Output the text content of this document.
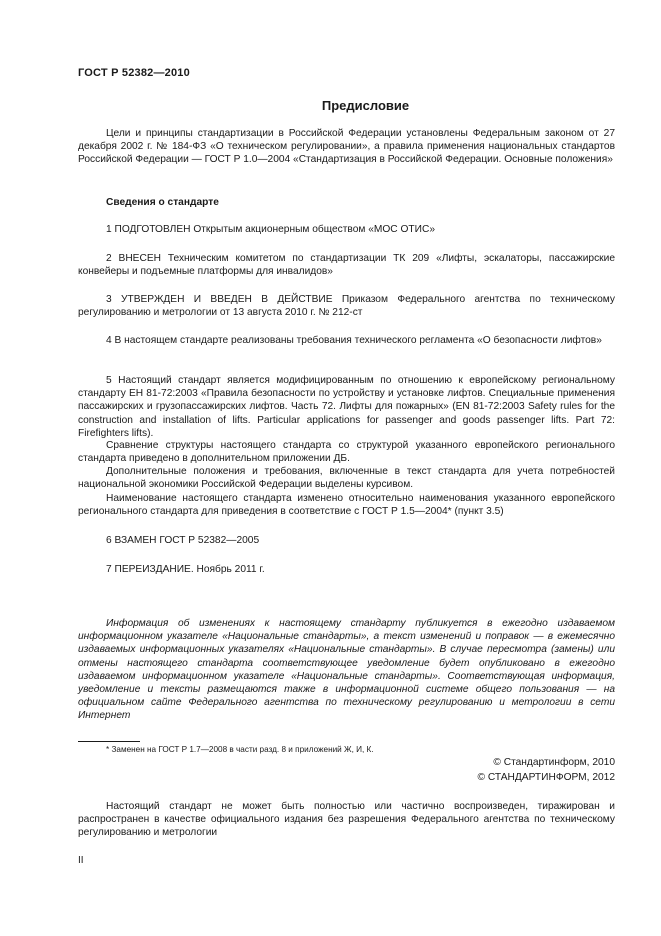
ГОСТ Р 52382—2010
Предисловие

Цели и принципы стандартизации в Российской Федерации установлены Федеральным законом от 27 декабря 2002 г. № 184-ФЗ «О техническом регулировании», а правила применения национальных стандартов Российской Федерации — ГОСТ Р 1.0—2004 «Стандартизация в Российской Федерации. Основные положения»

Сведения о стандарте

1 ПОДГОТОВЛЕН Открытым акционерным обществом «МОС ОТИС»

2 ВНЕСЕН Техническим комитетом по стандартизации ТК 209 «Лифты, эскалаторы, пассажирские конвейеры и подъемные платформы для инвалидов»

3 УТВЕРЖДЕН И ВВЕДЕН В ДЕЙСТВИЕ Приказом Федерального агентства по техническому регулированию и метрологии от 13 августа 2010 г. № 212-ст

4 В настоящем стандарте реализованы требования технического регламента «О безопасности лифтов»

5 Настоящий стандарт является модифицированным по отношению к европейскому региональному стандарту ЕН 81-72:2003 «Правила безопасности по устройству и установке лифтов. Специальные применения пассажирских и грузопассажирских лифтов. Часть 72. Лифты для пожарных» (EN 81-72:2003 Safety rules for the construction and installation of lifts. Particular applications for passenger and goods passenger lifts. Part 72: Firefighters lifts).

Сравнение структуры настоящего стандарта со структурой указанного европейского регионального стандарта приведено в дополнительном приложении ДБ.

Дополнительные положения и требования, включенные в текст стандарта для учета потребностей национальной экономики Российской Федерации выделены курсивом.

Наименование настоящего стандарта изменено относительно наименования указанного европейского регионального стандарта для приведения в соответствие с ГОСТ Р 1.5—2004* (пункт 3.5)

6 ВЗАМЕН ГОСТ Р 52382—2005

7 ПЕРЕИЗДАНИЕ. Ноябрь 2011 г.

Информация об изменениях к настоящему стандарту публикуется в ежегодно издаваемом информационном указателе «Национальные стандарты», а текст изменений и поправок — в ежемесячно издаваемых информационных указателях «Национальные стандарты». В случае пересмотра (замены) или отмены настоящего стандарта соответствующее уведомление будет опубликовано в ежегодно издаваемом информационном указателе «Национальные стандарты». Соответствующая информация, уведомление и тексты размещаются также в информационной системе общего пользования — на официальном сайте Федерального агентства по техническому регулированию и метрологии в сети Интернет

* Заменен на ГОСТ Р 1.7—2008 в части разд. 8 и приложений Ж, И, К.
© Стандартинформ, 2010
© СТАНДАРТИНФОРМ, 2012

Настоящий стандарт не может быть полностью или частично воспроизведен, тиражирован и распространен в качестве официального издания без разрешения Федерального агентства по техническому регулированию и метрологии

II
